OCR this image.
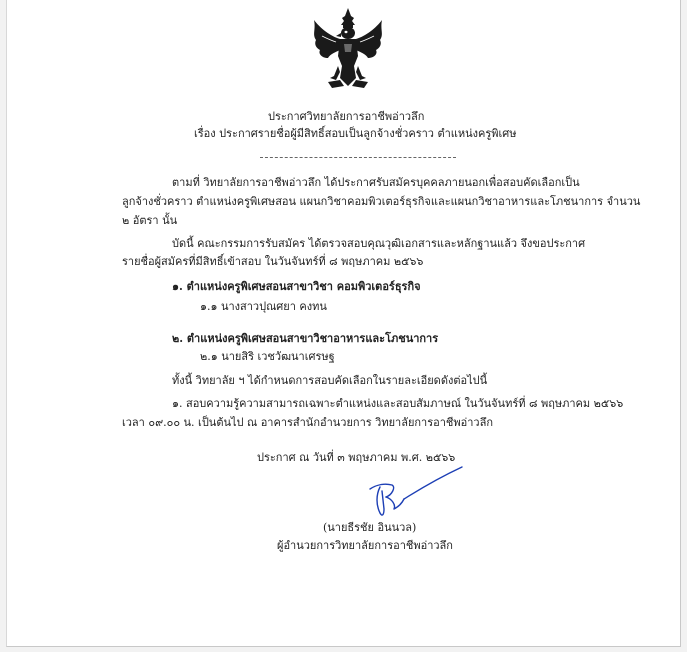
ประกาศวิทยาลัยการอาชีพอ่าวลึก
เรื่อง ประกาศรายชื่อผู้มีสิทธิ์สอบเป็นลูกจ้างชั่วคราว ตำแหน่งครูพิเศษ
ตามที่ วิทยาลัยการอาชีพอ่าวลึก ได้ประกาศรับสมัครบุคคลภายนอกเพื่อสอบคัดเลือกเป็น
ลูกจ้างชั่วคราว ตำแหน่งครูพิเศษสอน แผนกวิชาคอมพิวเตอร์ธุรกิจและแผนกวิชาอาหารและโภชนาการ จำนวน
๒ อัตรา นั้น
บัดนี้ คณะกรรมการรับสมัคร ได้ตรวจสอบคุณวุฒิเอกสารและหลักฐานแล้ว จึงขอประกาศ
รายชื่อผู้สมัครที่มีสิทธิ์เข้าสอบ ในวันจันทร์ที่ ๘ พฤษภาคม ๒๕๖๖
๑. ตำแหน่งครูพิเศษสอนสาขาวิชา คอมพิวเตอร์ธุรกิจ
๑.๑ นางสาวปุณศยา คงทน
๒. ตำแหน่งครูพิเศษสอนสาขาวิชาอาหารและโภชนาการ
๒.๑ นายสิริ เวชวัฒนาเศรษฐ
ทั้งนี้ วิทยาลัย ฯ ได้กำหนดการสอบคัดเลือกในรายละเอียดดังต่อไปนี้
๑. สอบความรู้ความสามารถเฉพาะตำแหน่งและสอบสัมภาษณ์ ในวันจันทร์ที่ ๘ พฤษภาคม ๒๕๖๖
เวลา ๐๙.๐๐ น. เป็นต้นไป ณ อาคารสำนักอำนวยการ วิทยาลัยการอาชีพอ่าวลึก
ประกาศ ณ วันที่ ๓ พฤษภาคม พ.ศ. ๒๕๖๖
(นายธีรชัย อินนวล)
ผู้อำนวยการวิทยาลัยการอาชีพอ่าวลึก
